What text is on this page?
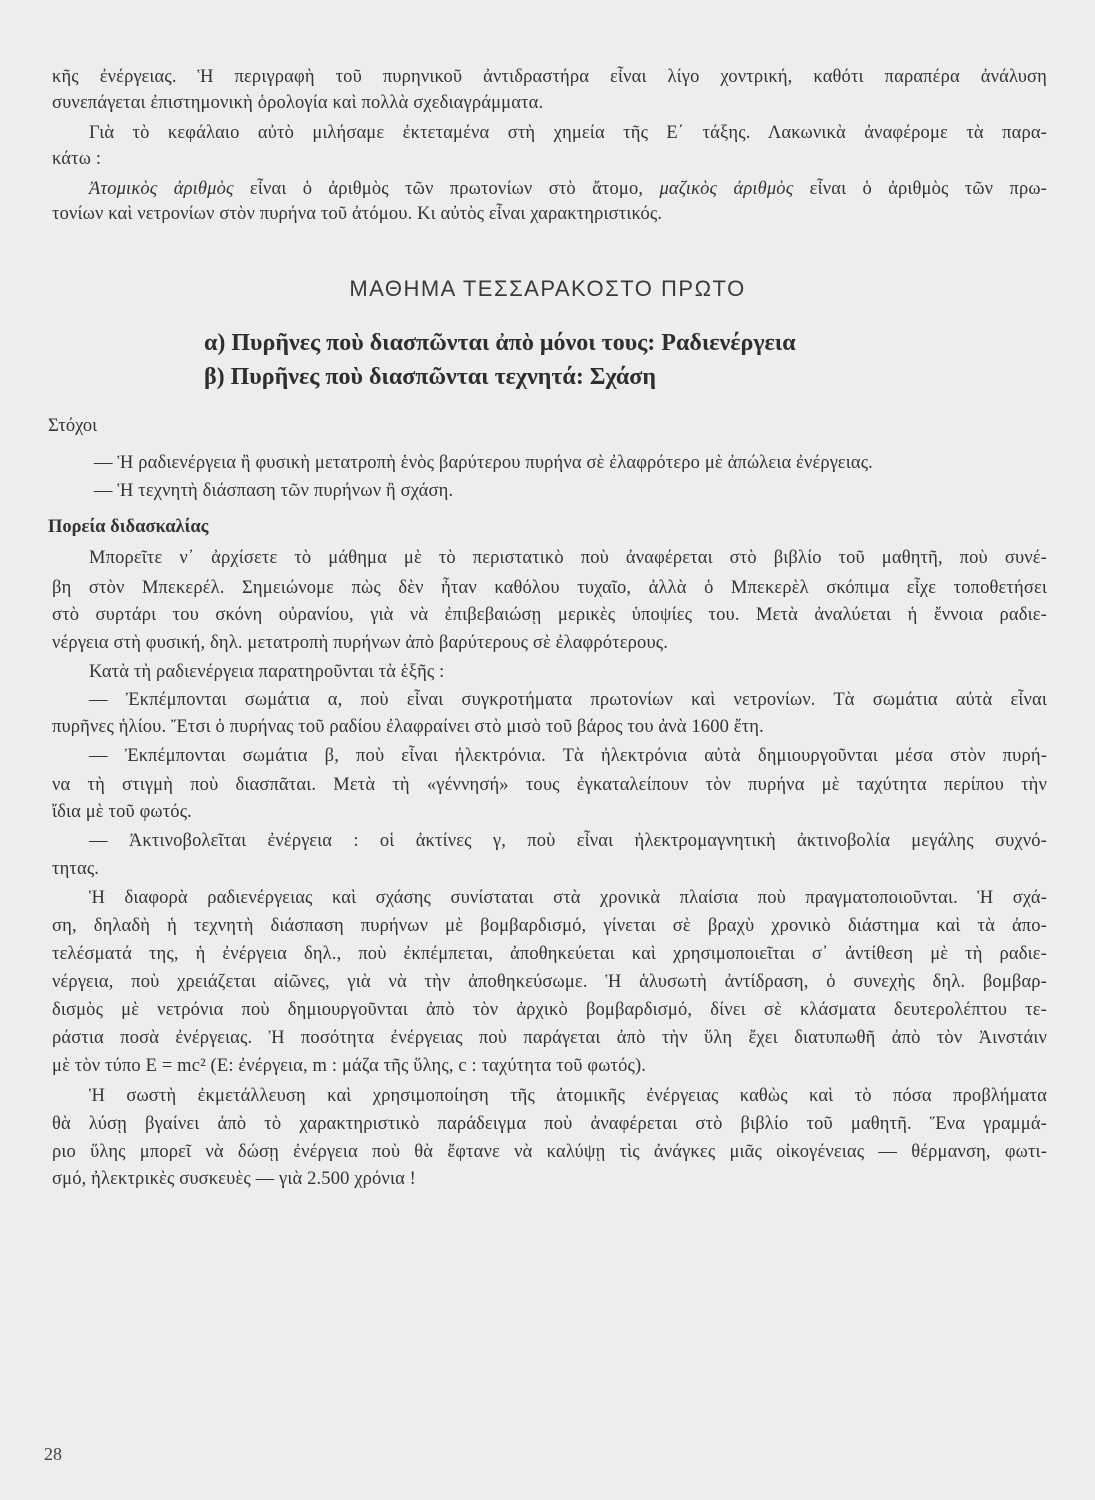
κῆς ἐνέργειας. Ἡ περιγραφὴ τοῦ πυρηνικοῦ ἀντιδραστήρα εἶναι λίγο χοντρική, καθότι παραπέρα ἀνάλυση
συνεπάγεται ἐπιστημονικὴ ὁρολογία καὶ πολλὰ σχεδιαγράμματα.
Γιὰ τὸ κεφάλαιο αὐτὸ μιλήσαμε ἐκτεταμένα στὴ χημεία τῆς Ε΄ τάξης. Λακωνικὰ ἀναφέρομε τὰ παρα-
κάτω :
Ἀτομικὸς ἀριθμὸς εἶναι ὁ ἀριθμὸς τῶν πρωτονίων στὸ ἄτομο, μαζικὸς ἀριθμὸς εἶναι ὁ ἀριθμὸς τῶν πρω-
τονίων καὶ νετρονίων στὸν πυρήνα τοῦ ἀτόμου. Κι αὐτὸς εἶναι χαρακτηριστικός.
ΜΑΘΗΜΑ ΤΕΣΣΑΡΑΚΟΣΤΟ ΠΡΩΤΟ
α) Πυρῆνες ποὺ διασπῶνται ἀπὸ μόνοι τους: Ραδιενέργεια
β) Πυρῆνες ποὺ διασπῶνται τεχνητά: Σχάση
Στόχοι
— Ἡ ραδιενέργεια ἢ φυσικὴ μετατροπὴ ἑνὸς βαρύτερου πυρήνα σὲ ἐλαφρότερο μὲ ἀπώλεια ἐνέργειας.
— Ἡ τεχνητὴ διάσπαση τῶν πυρήνων ἢ σχάση.
Πορεία διδασκαλίας
Μπορεῖτε ν᾽ ἀρχίσετε τὸ μάθημα μὲ τὸ περιστατικὸ ποὺ ἀναφέρεται στὸ βιβλίο τοῦ μαθητῆ, ποὺ συνέ-
βη στὸν Μπεκερέλ. Σημειώνομε πὼς δὲν ἦταν καθόλου τυχαῖο, ἀλλὰ ὁ Μπεκερὲλ σκόπιμα εἶχε τοποθετήσει
στὸ συρτάρι του σκόνη οὐρανίου, γιὰ νὰ ἐπιβεβαιώσῃ μερικὲς ὑποψίες του. Μετὰ ἀναλύεται ἡ ἔννοια ραδιε-
νέργεια στὴ φυσική, δηλ. μετατροπὴ πυρήνων ἀπὸ βαρύτερους σὲ ἐλαφρότερους.
Κατὰ τὴ ραδιενέργεια παρατηροῦνται τὰ ἑξῆς :
— Ἐκπέμπονται σωμάτια α, ποὺ εἶναι συγκροτήματα πρωτονίων καὶ νετρονίων. Τὰ σωμάτια αὐτὰ εἶναι
πυρῆνες ἡλίου. Ἔτσι ὁ πυρήνας τοῦ ραδίου ἐλαφραίνει στὸ μισὸ τοῦ βάρος του ἀνὰ 1600 ἔτη.
— Ἐκπέμπονται σωμάτια β, ποὺ εἶναι ἠλεκτρόνια. Τὰ ἠλεκτρόνια αὐτὰ δημιουργοῦνται μέσα στὸν πυρή-
να τὴ στιγμὴ ποὺ διασπᾶται. Μετὰ τὴ «γέννησή» τους ἐγκαταλείπουν τὸν πυρήνα μὲ ταχύτητα περίπου τὴν
ἴδια μὲ τοῦ φωτός.
— Ἀκτινοβολεῖται ἐνέργεια : οἱ ἀκτίνες γ, ποὺ εἶναι ἠλεκτρομαγνητικὴ ἀκτινοβολία μεγάλης συχνό-
τητας.
Ἡ διαφορὰ ραδιενέργειας καὶ σχάσης συνίσταται στὰ χρονικὰ πλαίσια ποὺ πραγματοποιοῦνται. Ἡ σχά-
ση, δηλαδὴ ἡ τεχνητὴ διάσπαση πυρήνων μὲ βομβαρδισμό, γίνεται σὲ βραχὺ χρονικὸ διάστημα καὶ τὰ ἀπο-
τελέσματά της, ἡ ἐνέργεια δηλ., ποὺ ἐκπέμπεται, ἀποθηκεύεται καὶ χρησιμοποιεῖται σ᾽ ἀντίθεση μὲ τὴ ραδιε-
νέργεια, ποὺ χρειάζεται αἰῶνες, γιὰ νὰ τὴν ἀποθηκεύσωμε. Ἡ ἁλυσωτὴ ἀντίδραση, ὁ συνεχὴς δηλ. βομβαρ-
δισμὸς μὲ νετρόνια ποὺ δημιουργοῦνται ἀπὸ τὸν ἀρχικὸ βομβαρδισμό, δίνει σὲ κλάσματα δευτερολέπτου τε-
ράστια ποσὰ ἐνέργειας. Ἡ ποσότητα ἐνέργειας ποὺ παράγεται ἀπὸ τὴν ὕλη ἔχει διατυπωθῆ ἀπὸ τὸν Ἀινστάιν
μὲ τὸν τύπο E = mc² (E: ἐνέργεια, m : μάζα τῆς ὕλης, c : ταχύτητα τοῦ φωτός).
Ἡ σωστὴ ἐκμετάλλευση καὶ χρησιμοποίηση τῆς ἀτομικῆς ἐνέργειας καθὼς καὶ τὸ πόσα προβλήματα
θὰ λύσῃ βγαίνει ἀπὸ τὸ χαρακτηριστικὸ παράδειγμα ποὺ ἀναφέρεται στὸ βιβλίο τοῦ μαθητῆ. Ἕνα γραμμά-
ριο ὕλης μπορεῖ νὰ δώσῃ ἐνέργεια ποὺ θὰ ἔφτανε νὰ καλύψῃ τὶς ἀνάγκες μιᾶς οἰκογένειας — θέρμανση, φωτι-
σμό, ἠλεκτρικὲς συσκευὲς — γιὰ 2.500 χρόνια !
28
